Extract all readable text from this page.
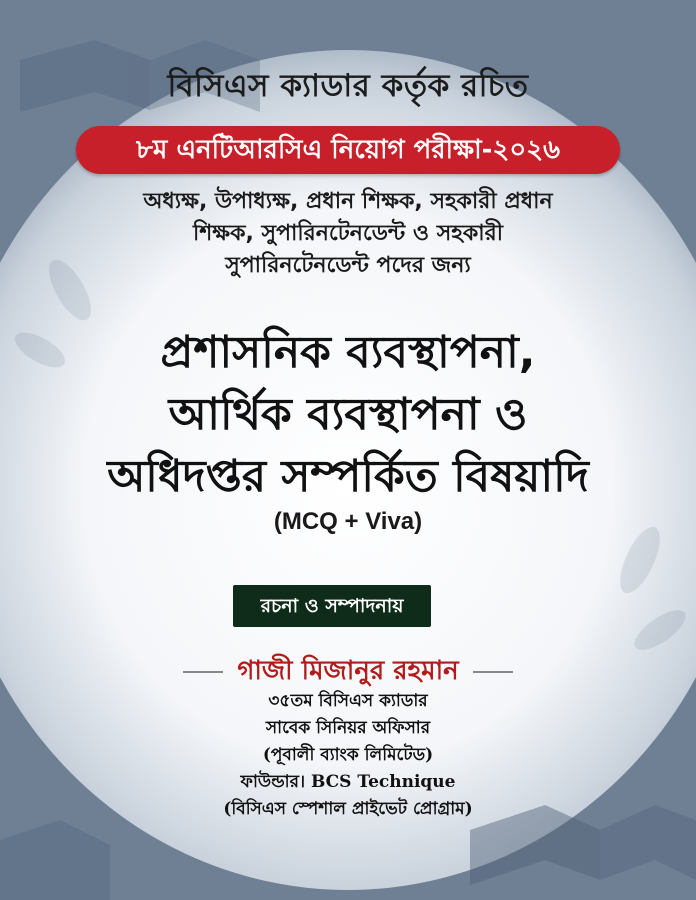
বিসিএস ক্যাডার কর্তৃক রচিত
৮ম এনটিআরসিএ নিয়োগ পরীক্ষা-২০২৬
অধ্যক্ষ, উপাধ্যক্ষ, প্রধান শিক্ষক, সহকারী প্রধান
শিক্ষক, সুপারিনটেনডেন্ট ও সহকারী
সুপারিনটেনডেন্ট পদের জন্য
প্রশাসনিক ব্যবস্থাপনা,
আর্থিক ব্যবস্থাপনা ও
অধিদপ্তর সম্পর্কিত বিষয়াদি
(MCQ + Viva)
রচনা ও সম্পাদনায়
গাজী মিজানুর রহমান
৩৫তম বিসিএস ক্যাডার
সাবেক সিনিয়র অফিসার
(পূবালী ব্যাংক লিমিটেড)
ফাউন্ডার। BCS Technique
(বিসিএস স্পেশাল প্রাইভেট প্রোগ্রাম)
